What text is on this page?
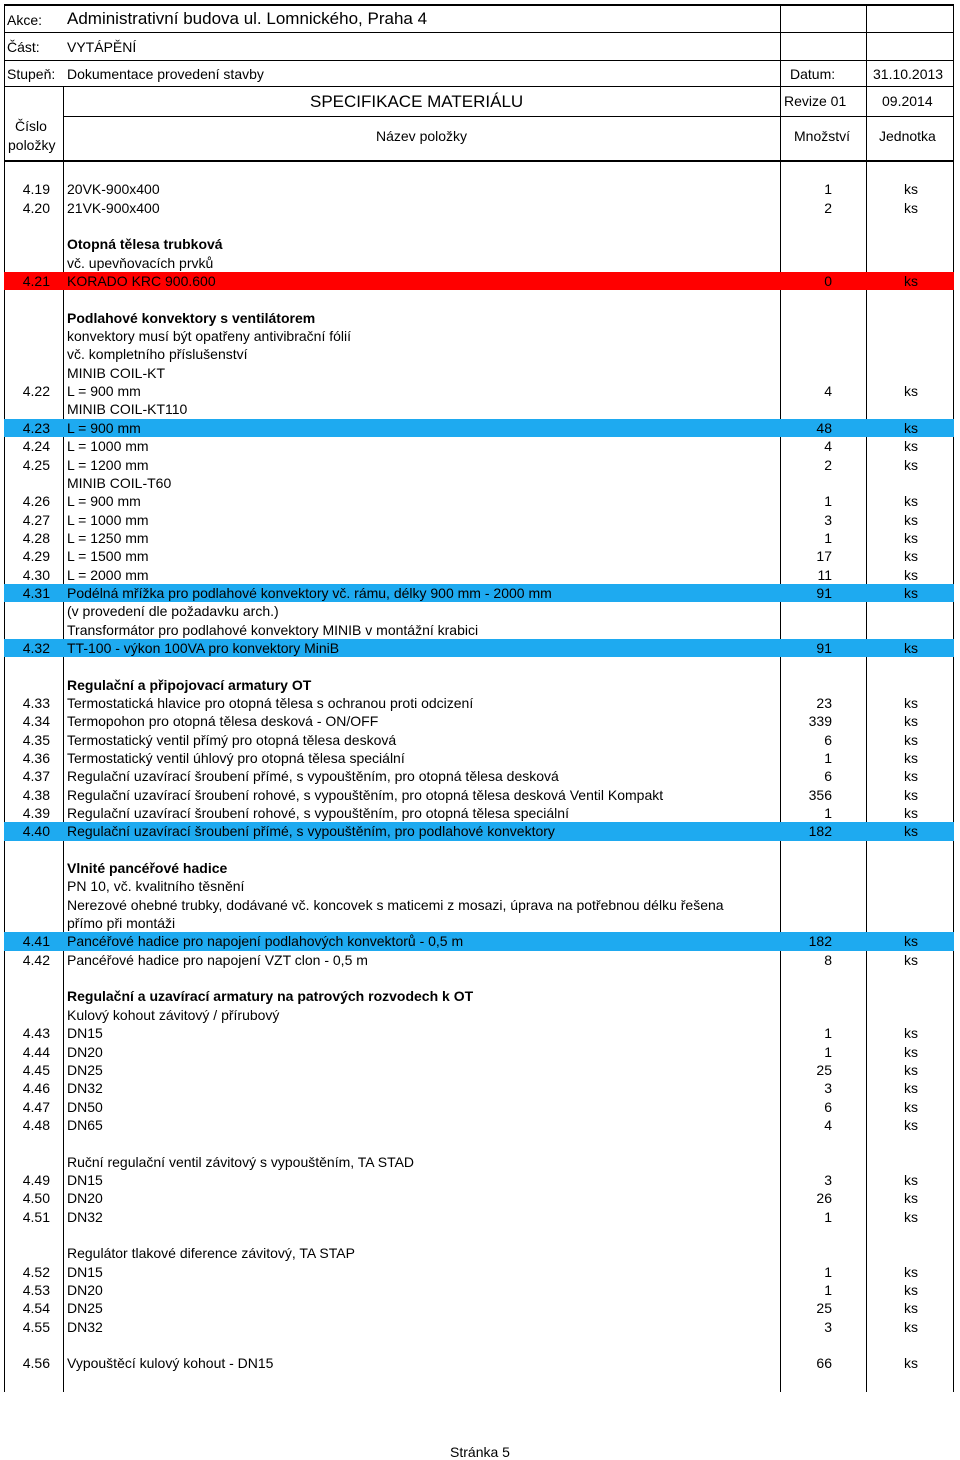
Akce: Administrativní budova ul. Lomnického, Praha 4
Část: VYTÁPĚNÍ
Stupeň: Dokumentace provedení stavby	Datum:	31.10.2013
SPECIFIKACE MATERIÁLU	Revize 01	09.2014
Číslo
položky
Název položky	Množství Jednotka
4.19 20VK-900x400	1	ks
4.20 21VK-900x400	2	ks
Otopná tělesa trubková
vč. upevňovacích prvků
4.21 KORADO KRC 900.600	0	ks
Podlahové konvektory s ventilátorem
konvektory musí být opatřeny antivibrační fólií
vč. kompletního příslušenství
MINIB COIL-KT
4.22 L = 900 mm	4	ks
MINIB COIL-KT110
4.23 L = 900 mm	48	ks
4.24 L = 1000 mm	4	ks
4.25 L = 1200 mm	2	ks
MINIB COIL-T60
4.26 L = 900 mm	1	ks
4.27 L = 1000 mm	3	ks
4.28 L = 1250 mm	1	ks
4.29 L = 1500 mm	17	ks
4.30 L = 2000 mm	11	ks
4.31 Podélná mřížka pro podlahové konvektory vč. rámu, délky 900 mm - 2000 mm	91	ks
(v provedení dle požadavku arch.)
Transformátor pro podlahové konvektory MINIB v montážní krabici
4.32 TT-100 - výkon 100VA pro konvektory MiniB	91	ks
Regulační a připojovací armatury OT
4.33 Termostatická hlavice pro otopná tělesa s ochranou proti odcizení	23	ks
4.34 Termopohon pro otopná tělesa desková - ON/OFF	339	ks
4.35 Termostatický ventil přímý pro otopná tělesa desková	6	ks
4.36 Termostatický ventil úhlový pro otopná tělesa speciální	1	ks
4.37 Regulační uzavírací šroubení přímé, s vypouštěním, pro otopná tělesa desková	6	ks
4.38 Regulační uzavírací šroubení rohové, s vypouštěním, pro otopná tělesa desková Ventil Kompakt	356	ks
4.39 Regulační uzavírací šroubení rohové, s vypouštěním, pro otopná tělesa speciální	1	ks
4.40 Regulační uzavírací šroubení přímé, s vypouštěním, pro podlahové konvektory	182	ks
Vlnité pancéřové hadice
PN 10, vč. kvalitního těsnění
Nerezové ohebné trubky, dodávané vč. koncovek s maticemi z mosazi, úprava na potřebnou délku řešena
přímo při montáži
4.41 Pancéřové hadice pro napojení podlahových konvektorů - 0,5 m	182	ks
4.42 Pancéřové hadice pro napojení VZT clon - 0,5 m	8	ks
Regulační a uzavírací armatury na patrových rozvodech k OT
Kulový kohout závitový / přírubový
4.43 DN15	1	ks
4.44 DN20	1	ks
4.45 DN25	25	ks
4.46 DN32	3	ks
4.47 DN50	6	ks
4.48 DN65	4	ks
Ruční regulační ventil závitový s vypouštěním, TA STAD
4.49 DN15	3	ks
4.50 DN20	26	ks
4.51 DN32	1	ks
Regulátor tlakové diference závitový, TA STAP
4.52 DN15	1	ks
4.53 DN20	1	ks
4.54 DN25	25	ks
4.55 DN32	3	ks
4.56 Vypouštěcí kulový kohout - DN15	66	ks
Stránka 5
